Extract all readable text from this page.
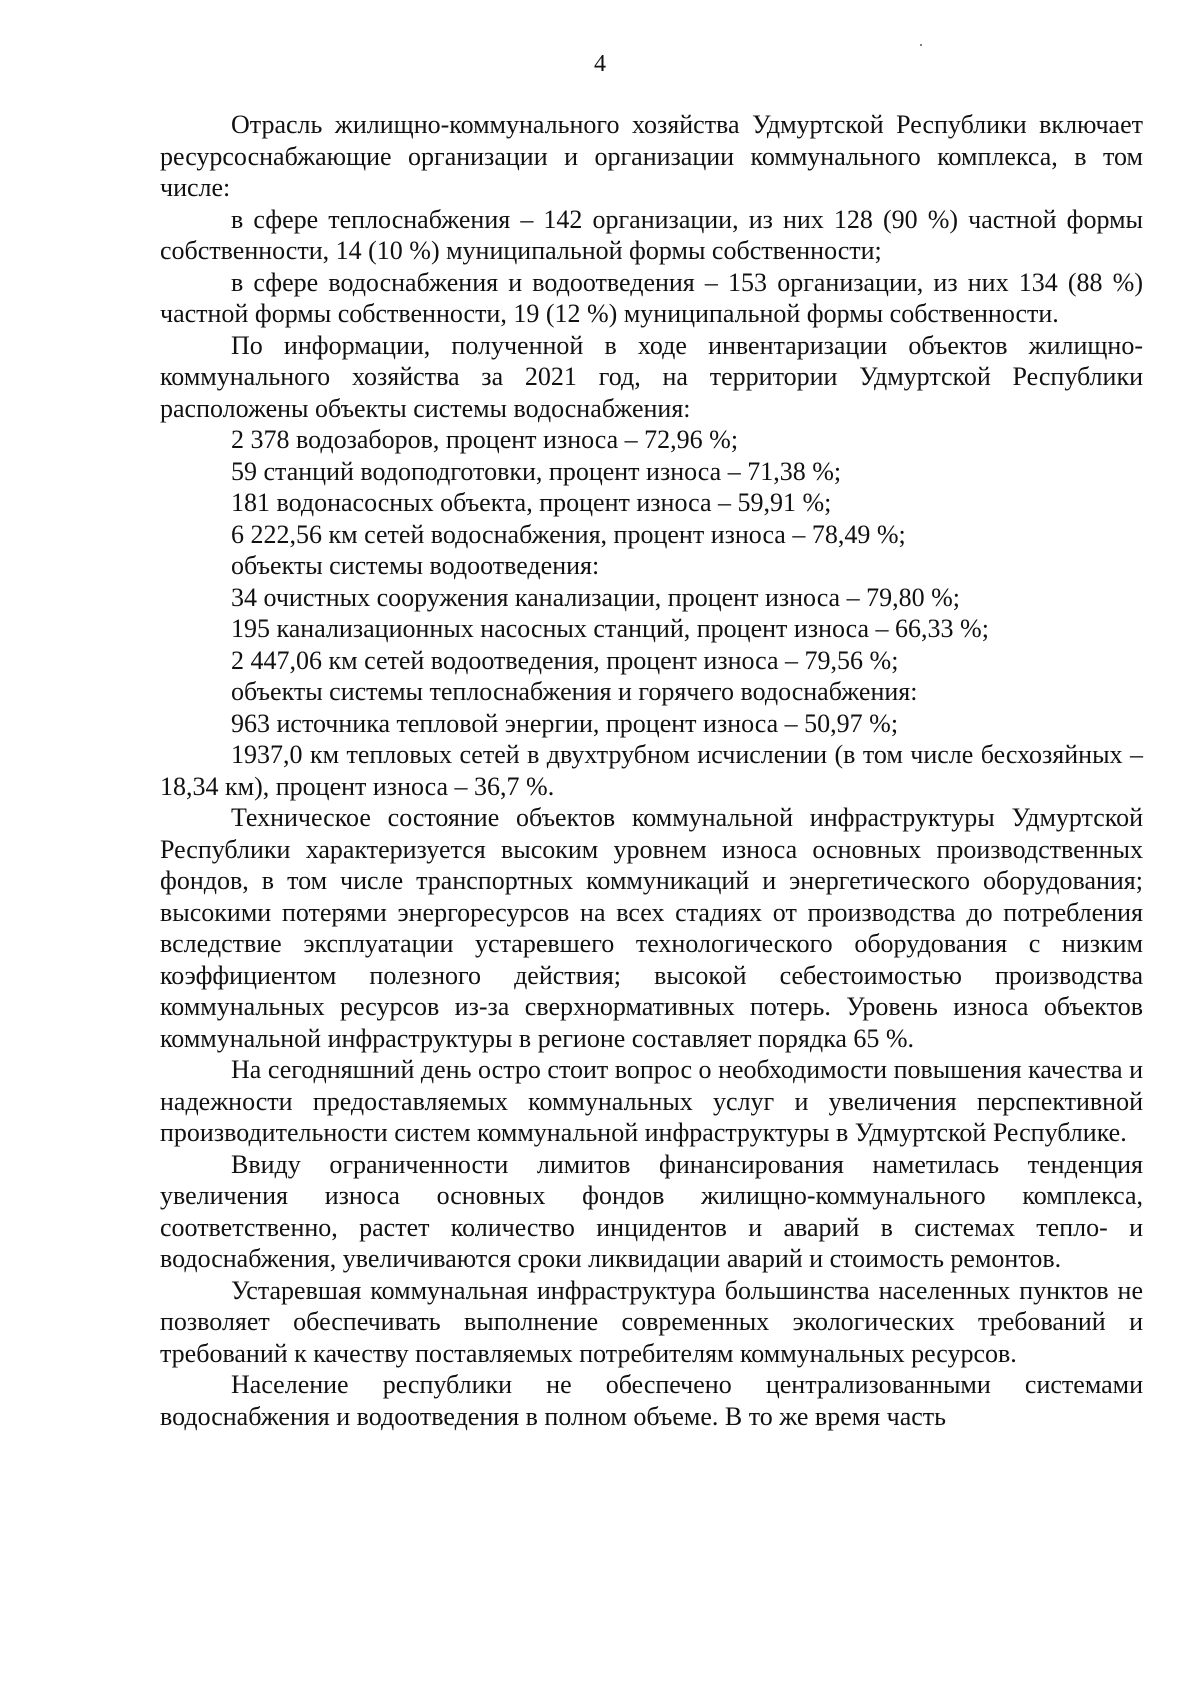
4

Отрасль жилищно-коммунального хозяйства Удмуртской Республики включает ресурсоснабжающие организации и организации коммунального комплекса, в том числе:

в сфере теплоснабжения – 142 организации, из них 128 (90 %) частной формы собственности, 14 (10 %) муниципальной формы собственности;

в сфере водоснабжения и водоотведения – 153 организации, из них 134 (88 %) частной формы собственности, 19 (12 %) муниципальной формы собственности.

По информации, полученной в ходе инвентаризации объектов жилищно-коммунального хозяйства за 2021 год, на территории Удмуртской Республики расположены объекты системы водоснабжения:

2 378 водозаборов, процент износа – 72,96 %;

59 станций водоподготовки, процент износа – 71,38 %;

181 водонасосных объекта, процент износа – 59,91 %;

6 222,56 км сетей водоснабжения, процент износа – 78,49 %;

объекты системы водоотведения:

34 очистных сооружения канализации, процент износа – 79,80 %;

195 канализационных насосных станций, процент износа – 66,33 %;

2 447,06 км сетей водоотведения, процент износа – 79,56 %;

объекты системы теплоснабжения и горячего водоснабжения:

963 источника тепловой энергии, процент износа – 50,97 %;

1937,0 км тепловых сетей в двухтрубном исчислении (в том числе бесхозяйных – 18,34 км), процент износа – 36,7 %.

Техническое состояние объектов коммунальной инфраструктуры Удмуртской Республики характеризуется высоким уровнем износа основных производственных фондов, в том числе транспортных коммуникаций и энергетического оборудования; высокими потерями энергоресурсов на всех стадиях от производства до потребления вследствие эксплуатации устаревшего технологического оборудования с низким коэффициентом полезного действия; высокой себестоимостью производства коммунальных ресурсов из-за сверхнормативных потерь. Уровень износа объектов коммунальной инфраструктуры в регионе составляет порядка 65 %.

На сегодняшний день остро стоит вопрос о необходимости повышения качества и надежности предоставляемых коммунальных услуг и увеличения перспективной производительности систем коммунальной инфраструктуры в Удмуртской Республике.

Ввиду ограниченности лимитов финансирования наметилась тенденция увеличения износа основных фондов жилищно-коммунального комплекса, соответственно, растет количество инцидентов и аварий в системах тепло- и водоснабжения, увеличиваются сроки ликвидации аварий и стоимость ремонтов.

Устаревшая коммунальная инфраструктура большинства населенных пунктов не позволяет обеспечивать выполнение современных экологических требований и требований к качеству поставляемых потребителям коммунальных ресурсов.

Население республики не обеспечено централизованными системами водоснабжения и водоотведения в полном объеме. В то же время часть
